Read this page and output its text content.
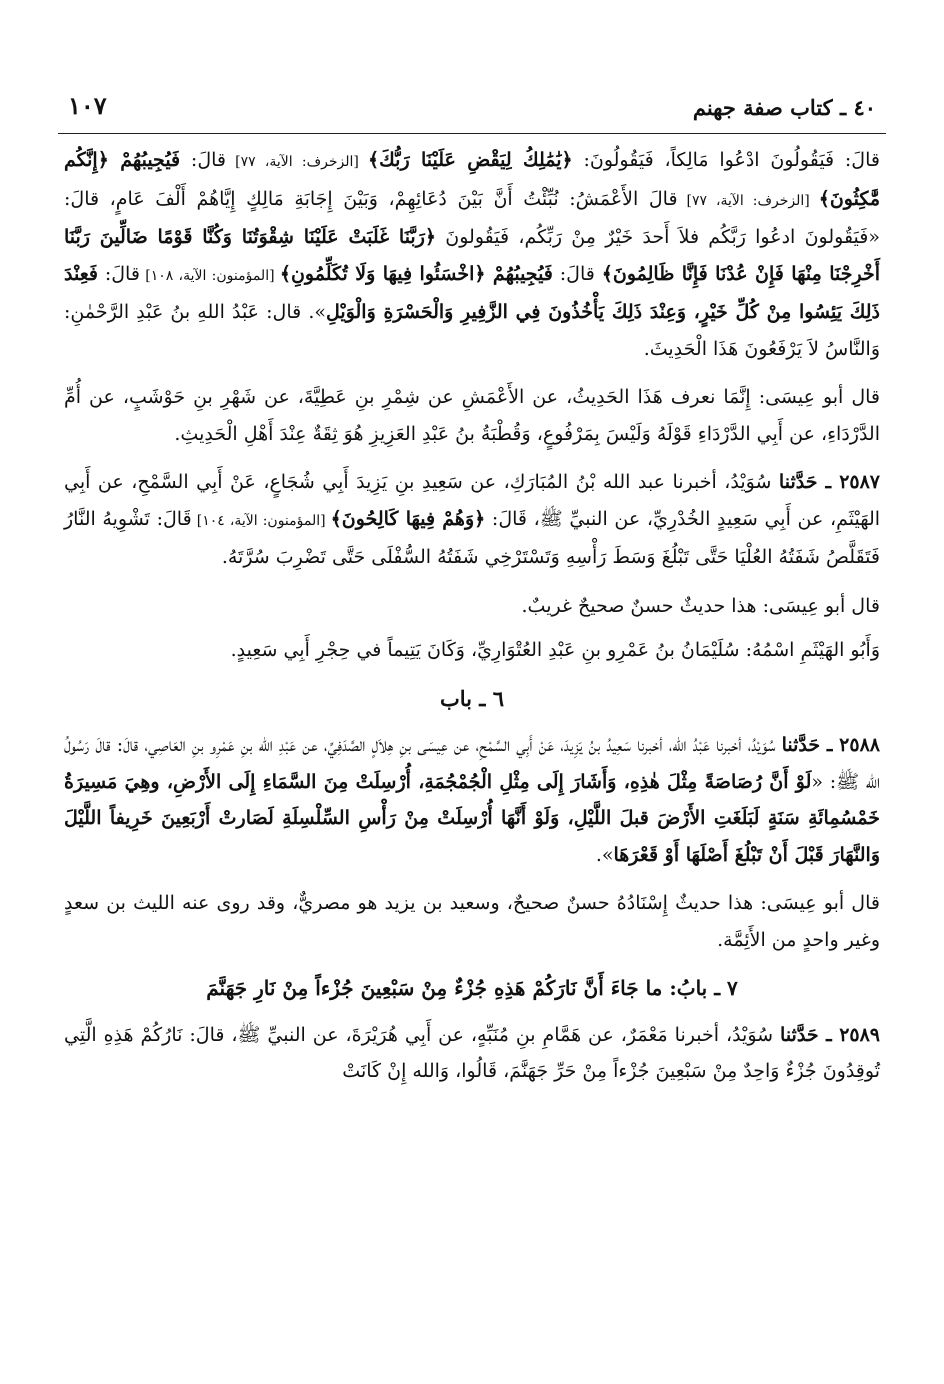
٤٠ ـ كتاب صفة جهنم
١٠٧

قالَ: فَيَقُولُونَ ادْعُوا مَالِكاً، فَيَقُولُونَ: ﴿يَٰمَٰلِكُ لِيَقْضِ عَلَيْنَا رَبُّكَ﴾ [الزخرف: الآية، ٧٧] قالَ: فَيُجِيبُهُمْ ﴿إِنَّكُم مَّٰكِثُونَ﴾ [الزخرف: الآية، ٧٧] قالَ الأَعْمَشُ: نُبِّئْتُ أَنَّ بَيْنَ دُعَائِهِمْ، وَبَيْنَ إِجَابَةِ مَالِكٍ إِيَّاهُمْ أَلْفَ عَامٍ، قالَ: «فَيَقُولونَ ادعُوا رَبَّكُم فلاَ أَحدَ خَيْرٌ مِنْ رَبِّكُم، فَيَقُولونَ ﴿رَبَّنَا غَلَبَتْ عَلَيْنَا شِقْوَتُنَا وَكُنَّا قَوْمًا ضَالِّينَ رَبَّنَا أَخْرِجْنَا مِنْهَا فَإِنْ عُدْنَا فَإِنَّا ظَالِمُونَ﴾ قالَ: فَيُجِيبُهُمْ ﴿اخْسَئُوا فِيهَا وَلَا تُكَلِّمُونِ﴾ [المؤمنون: الآية، ١٠٨] قالَ: فَعِنْدَ ذَلِكَ يَئِسُوا مِنْ كُلِّ خَيْرٍ، وَعِنْدَ ذَلِكَ يَأْخُذُونَ فِي الزَّفِيرِ وَالْحَسْرَةِ وَالْوَيْلِ». قال: عَبْدُ اللهِ بنُ عَبْدِ الرَّحْمٰنِ: وَالنَّاسُ لاَ يَرْفَعُونَ هَذَا الْحَدِيثَ.

قال أبو عِيسَى: إِنَّمَا نعرف هَذَا الحَدِيثُ، عن الأَعْمَشِ عن شِمْرِ بنِ عَطِيَّةَ، عن شَهْرِ بنِ حَوْشَبٍ، عن أُمِّ الدَّرْدَاءِ، عن أَبِي الدَّرْدَاءِ قَوْلَهُ وَلَيْسَ بِمَرْفُوعٍ، وَقُطْبَةُ بنُ عَبْدِ العَزِيزِ هُوَ ثِقَةٌ عِنْدَ أَهْلِ الْحَدِيثِ.

٢٥٨٧ ـ حَدَّثنا سُوَيْدُ، أخبرنا عبد الله بْنُ المُبَارَكِ، عن سَعِيدِ بنِ يَزِيدَ أَبِي شُجَاعٍ، عَنْ أَبِي السَّمْحِ، عن أَبِي الهَيْثَمِ، عن أَبِي سَعِيدٍ الخُدْرِيِّ، عن النبيِّ ﷺ، قَالَ: ﴿وَهُمْ فِيهَا كَالِحُونَ﴾ [المؤمنون: الآية، ١٠٤] قَالَ: تَشْوِيهُ النَّارُ فَتَقَلَّصُ شَفَتُهُ العُلْيَا حَتَّى تَبْلُغَ وَسَطَ رَأْسِهِ وَتَسْتَرْخِي شَفَتُهُ السُّفْلَى حَتَّى تَضْرِبَ سُرَّتَهُ.

قال أبو عِيسَى: هذا حديثٌ حسنٌ صحيحٌ غريبٌ.

وَأَبُو الهَيْثَمِ اسْمُهُ: سُلَيْمَانُ بنُ عَمْرِو بنِ عَبْدِ العُتْوَارِيِّ، وَكَانَ يَتِيماً في حِجْرِ أَبِي سَعِيدٍ.

٦ ـ باب

٢٥٨٨ ـ حَدَّثنا سُوَيْدُ، أخبرنا عَبْدُ الله، أخبرنا سَعِيدُ بنُ يَزِيدَ، عَنْ أَبِي السَّمْحِ، عن عِيسَى بنِ هِلاَلٍ الصَّدَفِيِّ، عن عَبْدِ الله بنِ عَمْرِو بنِ العَاصِي، قالَ: قالَ رَسُولُ الله ﷺ: «لَوْ أَنَّ رُصَاصَةً مِثْلَ هٰذِهِ، وَأَشَارَ إِلَى مِثْلِ الْجُمْجُمَةِ، أُرْسِلَتْ مِنَ السَّمَاءِ إِلَى الأَرْضِ، وهِيَ مَسِيرَةُ خَمْسُمِائَةِ سَنَةٍ لَبَلَغَتِ الأَرْضَ قبلَ اللَّيْلِ، وَلَوْ أَنَّهَا أُرْسِلَتْ مِنْ رَأْسِ السِّلْسِلَةِ لَصَارتْ أَرْبَعِينَ خَرِيفاً اللَّيْلَ وَالنَّهَارَ قَبْلَ أَنْ تَبْلُغَ أَصْلَهَا أَوْ قَعْرَهَا».

قال أبو عِيسَى: هذا حديثٌ إِسْنَادُهُ حسنٌ صحيحٌ، وسعيد بن يزيد هو مصريٌّ، وقد روى عنه الليث بن سعدٍ وغير واحدٍ من الأَئِمَّة.

٧ ـ بابُ: ما جَاءَ أَنَّ نَارَكُمْ هَذِهِ جُزْءٌ مِنْ سَبْعِينَ جُزْءاً مِنْ نَارِ جَهَنَّمَ

٢٥٨٩ ـ حَدَّثنا سُوَيْدُ، أخبرنا مَعْمَرٌ، عن هَمَّامِ بنِ مُنَبِّهٍ، عن أَبِي هُرَيْرَةَ، عن النبيِّ ﷺ، قالَ: نَارُكُمْ هَذِهِ الَّتِي تُوقِدُونَ جُزْءٌ وَاحِدٌ مِنْ سَبْعِينَ جُزْءاً مِنْ حَرِّ جَهَنَّمَ، قَالُوا، وَالله إِنْ كَانَتْ
